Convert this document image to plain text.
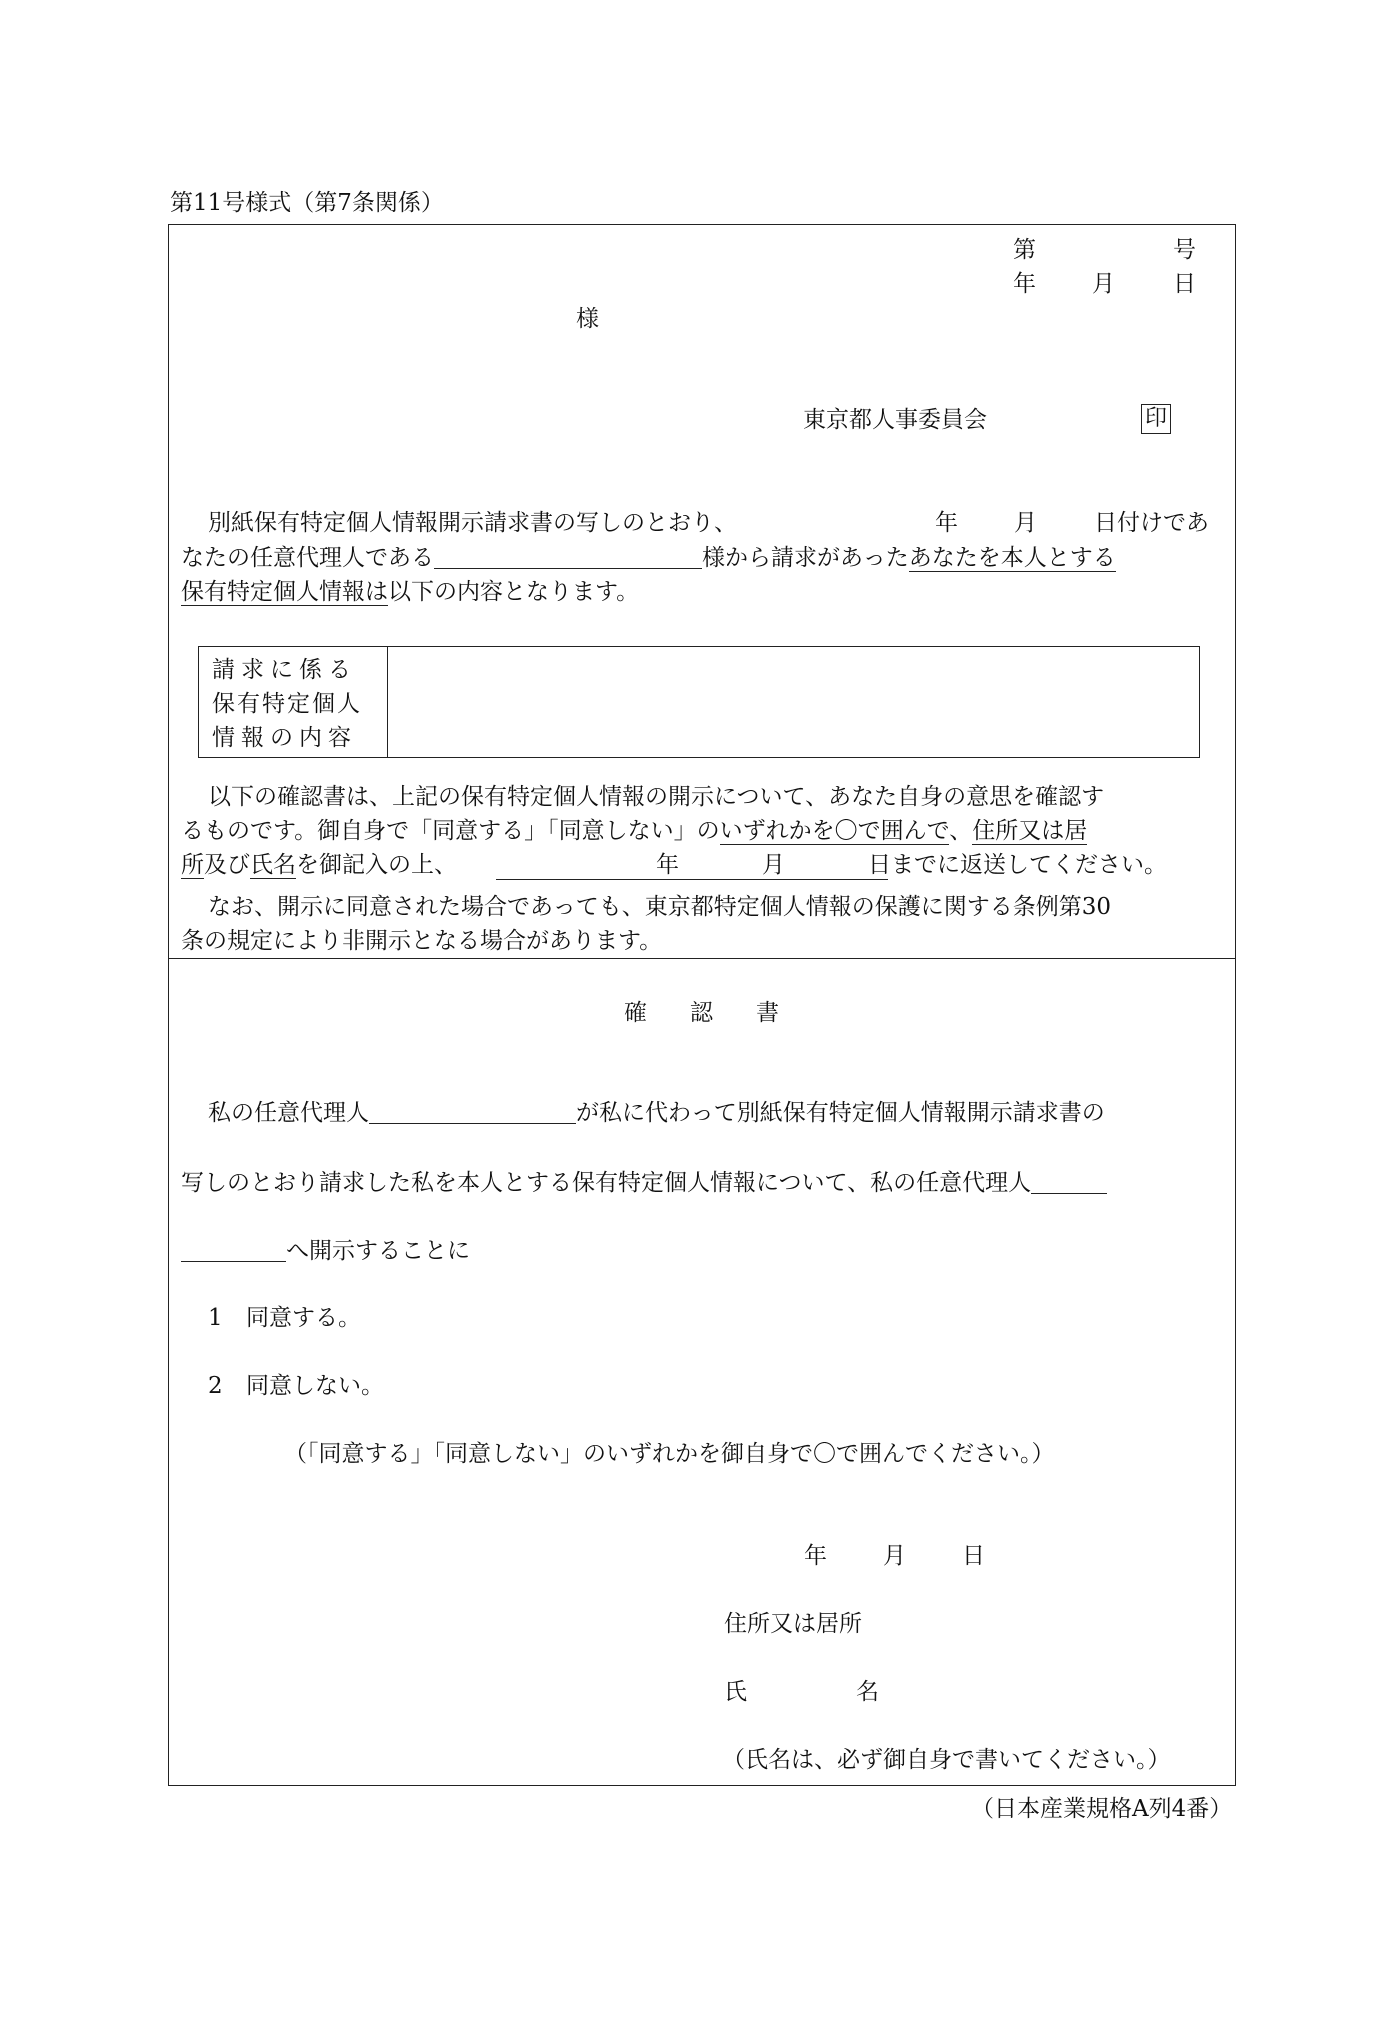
第11号様式（第7条関係）
第	号
年 月	日
様
東京都人事委員会	印
別紙保有特定個人情報開示請求書の写しのとおり、	年 月 日付けであ
なたの任意代理人である	様から請求があったあなたを本人とする
保有特定個人情報は以下の内容となります。
請求に係る
保有特定個人
情報の内容
以下の確認書は、上記の保有特定個人情報の開示について、あなた自身の意思を確認す
るものです。御自身で「同意する」「同意しない」のいずれかを〇で囲んで、住所又は居
所及び氏名を御記入の上、	年	月	日 までに返送してください。
なお、開示に同意された場合であっても、東京都特定個人情報の保護に関する条例第30
条の規定により非開示となる場合があります。
確 認 書
私の任意代理人	が私に代わって別紙保有特定個人情報開示請求書の
写しのとおり請求した私を本人とする保有特定個人情報について、私の任意代理人
へ開示することに
1 同意する。
2 同意しない。
（「同意する」「同意しない」のいずれかを御自身で〇で囲んでください。）
年 月 日
住所又は居所
氏	名
（氏名は、必ず御自身で書いてください。）
（日本産業規格A列4番）
